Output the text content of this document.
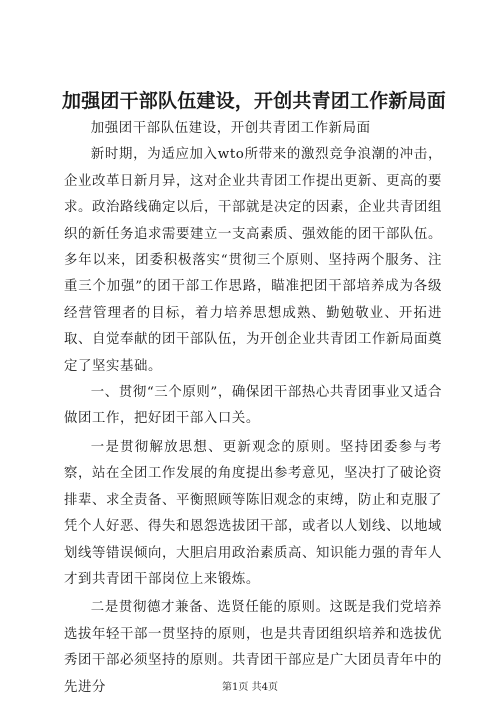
加强团干部队伍建设，开创共青团工作新局面

加强团干部队伍建设，开创共青团工作新局面

新时期，为适应加入wto所带来的激烈竞争浪潮的冲击，企业改革日新月异，这对企业共青团工作提出更新、更高的要求。政治路线确定以后，干部就是决定的因素，企业共青团组织的新任务追求需要建立一支高素质、强效能的团干部队伍。多年以来，团委积极落实“贯彻三个原则、坚持两个服务、注重三个加强”的团干部工作思路，瞄准把团干部培养成为各级经营管理者的目标，着力培养思想成熟、勤勉敬业、开拓进取、自觉奉献的团干部队伍，为开创企业共青团工作新局面奠定了坚实基础。

一、贯彻“三个原则”，确保团干部热心共青团事业又适合做团工作，把好团干部入口关。

一是贯彻解放思想、更新观念的原则。坚持团委参与考察，站在全团工作发展的角度提出参考意见，坚决打了破论资排辈、求全责备、平衡照顾等陈旧观念的束缚，防止和克服了凭个人好恶、得失和恩怨选拔团干部，或者以人划线、以地域划线等错误倾向，大胆启用政治素质高、知识能力强的青年人才到共青团干部岗位上来锻炼。

二是贯彻德才兼备、选贤任能的原则。这既是我们党培养选拔年轻干部一贯坚持的原则，也是共青团组织培养和选拔优秀团干部必须坚持的原则。共青团干部应是广大团员青年中的先进分	第1页 共4页
